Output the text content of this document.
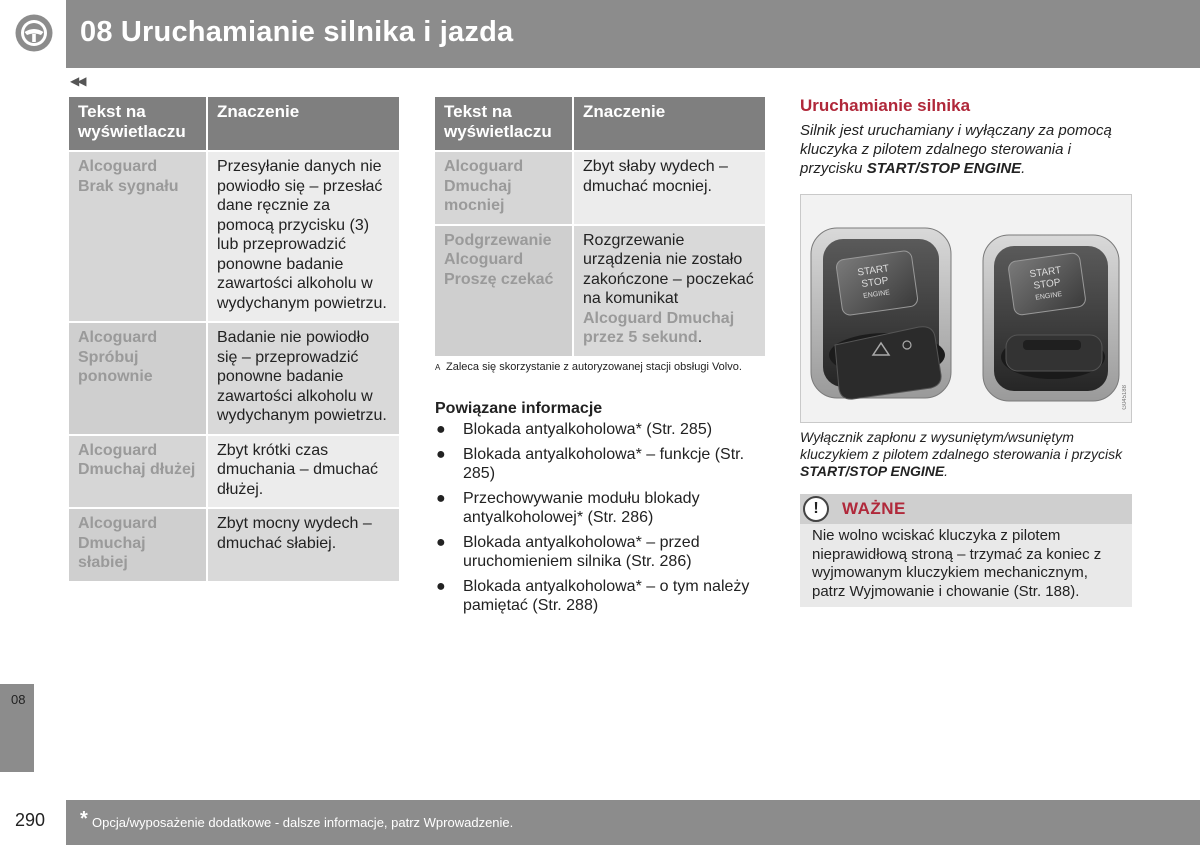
08 Uruchamianie silnika i jazda
◀◀
Tekst na wyświetlaczu	Znaczenie
Alcoguard Brak sygnału	Przesyłanie danych nie powiodło się – przesłać dane ręcznie za pomocą przycisku (3) lub przeprowadzić ponowne badanie zawartości alkoholu w wydychanym powietrzu.
Alcoguard Spróbuj ponownie	Badanie nie powiodło się – przeprowadzić ponowne badanie zawartości alkoholu w wydychanym powietrzu.
Alcoguard Dmuchaj dłużej	Zbyt krótki czas dmuchania – dmuchać dłużej.
Alcoguard Dmuchaj słabiej	Zbyt mocny wydech – dmuchać słabiej.
Tekst na wyświetlaczu	Znaczenie
Alcoguard Dmuchaj mocniej	Zbyt słaby wydech – dmuchać mocniej.
Podgrzewanie Alcoguard Proszę czekać	Rozgrzewanie urządzenia nie zostało zakończone – poczekać na komunikat Alcoguard Dmuchaj przez 5 sekund.
A Zaleca się skorzystanie z autoryzowanej stacji obsługi Volvo.
Powiązane informacje
● Blokada antyalkoholowa* (Str. 285)
● Blokada antyalkoholowa* – funkcje (Str. 285)
● Przechowywanie modułu blokady antyalkoholowej* (Str. 286)
● Blokada antyalkoholowa* – przed uruchomieniem silnika (Str. 286)
● Blokada antyalkoholowa* – o tym należy pamiętać (Str. 288)
Uruchamianie silnika
Silnik jest uruchamiany i wyłączany za pomocą kluczyka z pilotem zdalnego sterowania i przycisku START/STOP ENGINE.
START
STOP
ENGINE
START
STOP
ENGINE
G045188
Wyłącznik zapłonu z wysuniętym/wsuniętym kluczykiem z pilotem zdalnego sterowania i przycisk START/STOP ENGINE.
!	WAŻNE
Nie wolno wciskać kluczyka z pilotem nieprawidłową stroną – trzymać za koniec z wyjmowanym kluczykiem mechanicznym, patrz Wyjmowanie i chowanie (Str. 188).
08
290 * Opcja/wyposażenie dodatkowe - dalsze informacje, patrz Wprowadzenie.
